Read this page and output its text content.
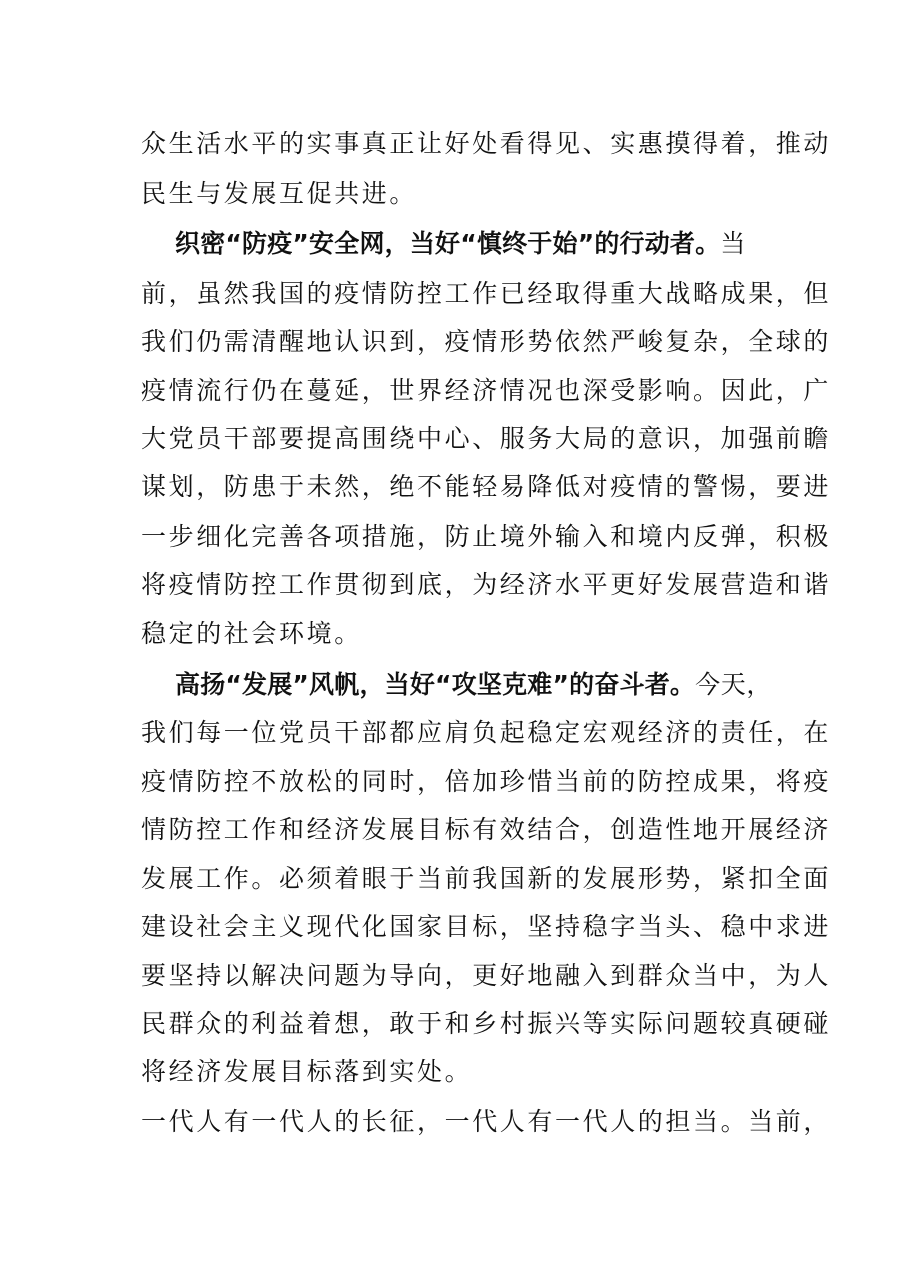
众生活水平的实事真正让好处看得见、实惠摸得着，推动
民生与发展互促共进。
织密“防疫”安全网，当好“慎终于始”的行动者。当
前，虽然我国的疫情防控工作已经取得重大战略成果，但
我们仍需清醒地认识到，疫情形势依然严峻复杂，全球的
疫情流行仍在蔓延，世界经济情况也深受影响。因此，广
大党员干部要提高围绕中心、服务大局的意识，加强前瞻
谋划，防患于未然，绝不能轻易降低对疫情的警惕，要进
一步细化完善各项措施，防止境外输入和境内反弹，积极
将疫情防控工作贯彻到底，为经济水平更好发展营造和谐
稳定的社会环境。
高扬“发展”风帆，当好“攻坚克难”的奋斗者。今天，
我们每一位党员干部都应肩负起稳定宏观经济的责任，在
疫情防控不放松的同时，倍加珍惜当前的防控成果，将疫
情防控工作和经济发展目标有效结合，创造性地开展经济
发展工作。必须着眼于当前我国新的发展形势，紧扣全面
建设社会主义现代化国家目标，坚持稳字当头、稳中求进
要坚持以解决问题为导向，更好地融入到群众当中，为人
民群众的利益着想，敢于和乡村振兴等实际问题较真硬碰
将经济发展目标落到实处。
一代人有一代人的长征，一代人有一代人的担当。当前，
